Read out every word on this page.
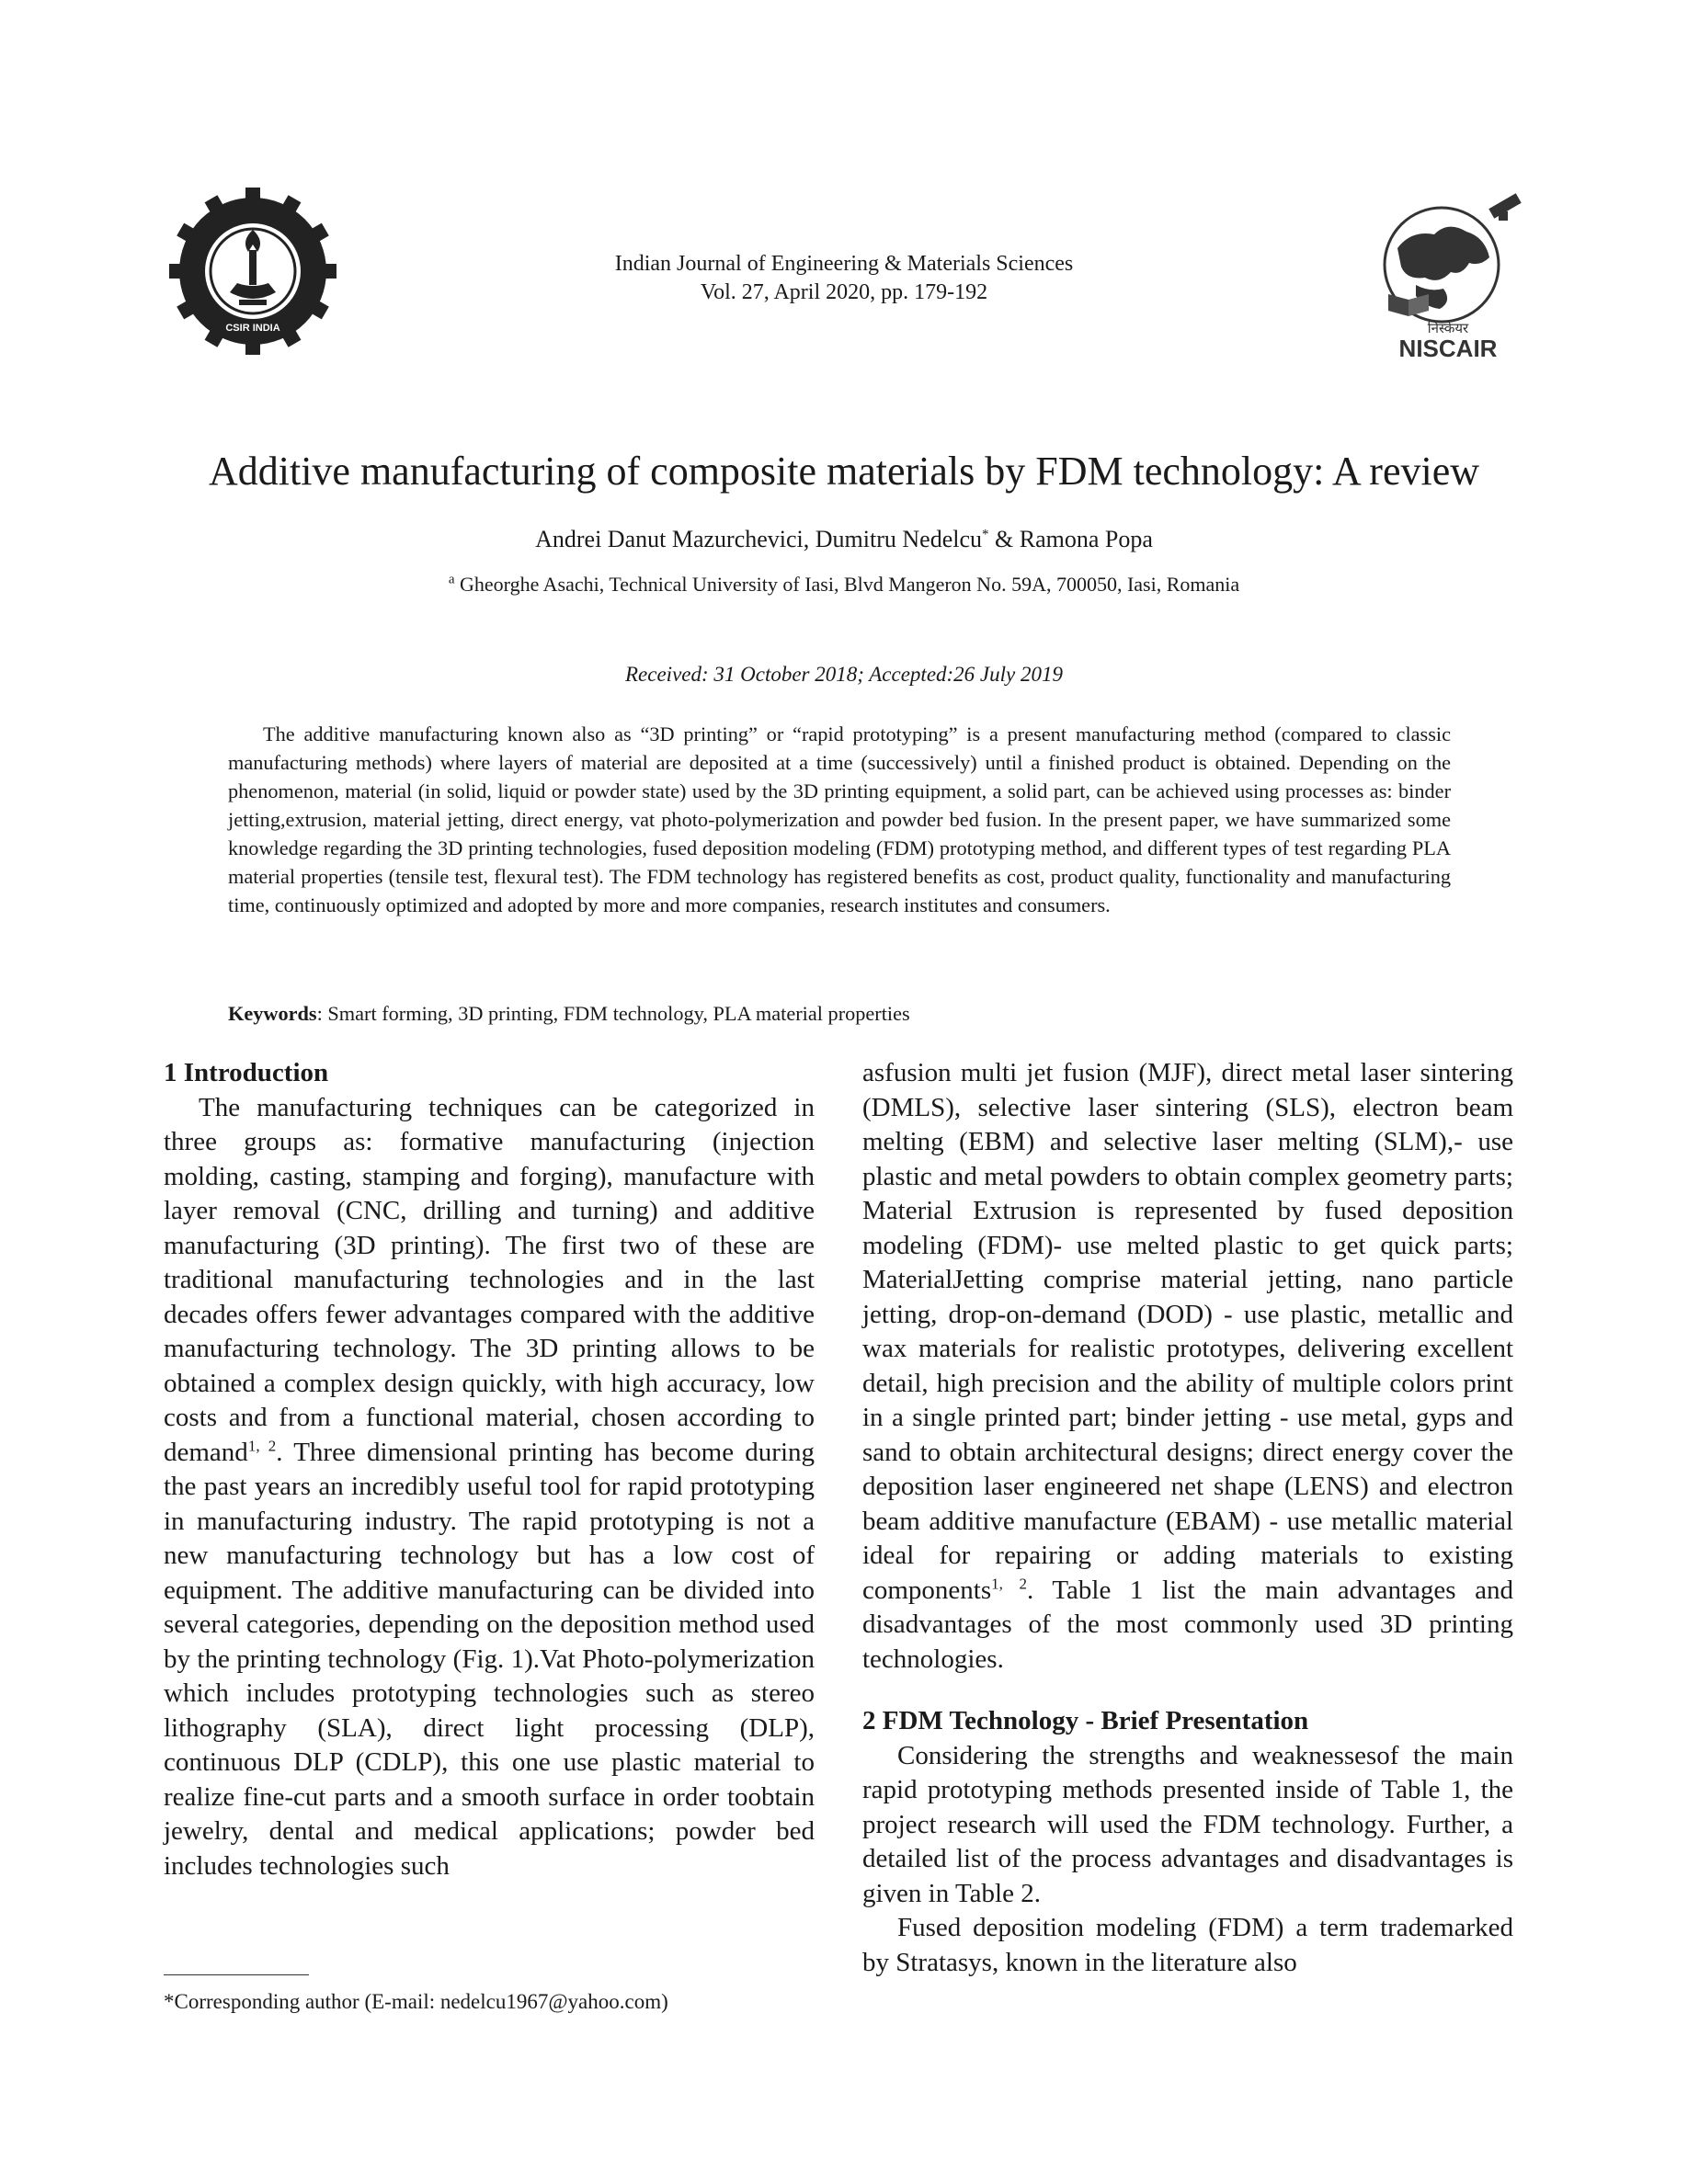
CSIR INDIA
Indian Journal of Engineering & Materials Sciences
Vol. 27, April 2020, pp. 179-192
निस्केयर
NISCAIR
Additive manufacturing of composite materials by FDM technology: A review
Andrei Danut Mazurchevici, Dumitru Nedelcu* & Ramona Popa
$^a$ Gheorghe Asachi, Technical University of Iasi, Blvd Mangeron No. 59A, 700050, Iasi, Romania
Received: 31 October 2018; Accepted:26 July 2019

The additive manufacturing known also as “3D printing” or “rapid prototyping” is a present manufacturing method (compared to classic manufacturing methods) where layers of material are deposited at a time (successively) until a finished product is obtained. Depending on the phenomenon, material (in solid, liquid or powder state) used by the 3D printing equipment, a solid part, can be achieved using processes as: binder jetting,extrusion, material jetting, direct energy, vat photo-polymerization and powder bed fusion. In the present paper, we have summarized some knowledge regarding the 3D printing technologies, fused deposition modeling (FDM) prototyping method, and different types of test regarding PLA material properties (tensile test, flexural test). The FDM technology has registered benefits as cost, product quality, functionality and manufacturing time, continuously optimized and adopted by more and more companies, research institutes and consumers.

Keywords: Smart forming, 3D printing, FDM technology, PLA material properties

1 Introduction

The manufacturing techniques can be categorized in three groups as: formative manufacturing (injection molding, casting, stamping and forging), manufacture with layer removal (CNC, drilling and turning) and additive manufacturing (3D printing). The first two of these are traditional manufacturing technologies and in the last decades offers fewer advantages compared with the additive manufacturing technology. The 3D printing allows to be obtained a complex design quickly, with high accuracy, low costs and from a functional material, chosen according to demand$^{1, 2}$. Three dimensional printing has become during the past years an incredibly useful tool for rapid prototyping in manufacturing industry. The rapid prototyping is not a new manufacturing technology but has a low cost of equipment. The additive manufacturing can be divided into several categories, depending on the deposition method used by the printing technology (Fig. 1).Vat Photo-polymerization which includes prototyping technologies such as stereo lithography (SLA), direct light processing (DLP), continuous DLP (CDLP), this one use plastic material to realize fine-cut parts and a smooth surface in order toobtain jewelry, dental and medical applications; powder bed includes technologies such

asfusion multi jet fusion (MJF), direct metal laser sintering (DMLS), selective laser sintering (SLS), electron beam melting (EBM) and selective laser melting (SLM),- use plastic and metal powders to obtain complex geometry parts; Material Extrusion is represented by fused deposition modeling (FDM)- use melted plastic to get quick parts; MaterialJetting comprise material jetting, nano particle jetting, drop-on-demand (DOD) - use plastic, metallic and wax materials for realistic prototypes, delivering excellent detail, high precision and the ability of multiple colors print in a single printed part; binder jetting - use metal, gyps and sand to obtain architectural designs; direct energy cover the deposition laser engineered net shape (LENS) and electron beam additive manufacture (EBAM) - use metallic material ideal for repairing or adding materials to existing components$^{1, 2}$. Table 1 list the main advantages and disadvantages of the most commonly used 3D printing technologies.

2 FDM Technology - Brief Presentation

Considering the strengths and weaknessesof the main rapid prototyping methods presented inside of Table 1, the project research will used the FDM technology. Further, a detailed list of the process advantages and disadvantages is given in Table 2.

Fused deposition modeling (FDM) a term trademarked by Stratasys, known in the literature also

*Corresponding author (E-mail: nedelcu1967@yahoo.com)
